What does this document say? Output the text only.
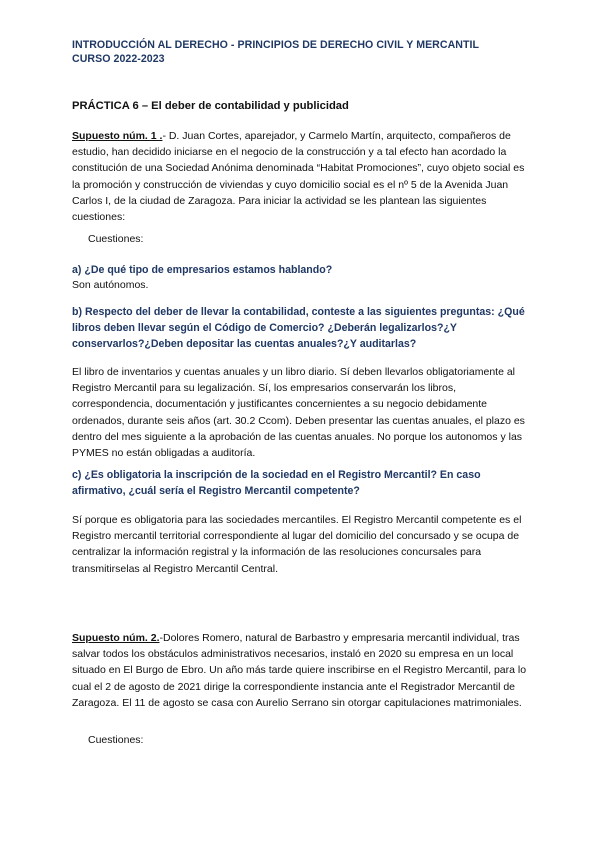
INTRODUCCIÓN AL DERECHO - PRINCIPIOS DE DERECHO CIVIL Y MERCANTIL
CURSO 2022-2023
PRÁCTICA 6 – El deber de contabilidad y publicidad
Supuesto núm. 1 .- D. Juan Cortes, aparejador, y Carmelo Martín, arquitecto, compañeros de estudio, han decidido iniciarse en el negocio de la construcción y a tal efecto han acordado la constitución de una Sociedad Anónima denominada “Habitat Promociones”, cuyo objeto social es la promoción y construcción de viviendas y cuyo domicilio social es el nº 5 de la Avenida Juan Carlos I, de la ciudad de Zaragoza. Para iniciar la actividad se les plantean las siguientes cuestiones:
Cuestiones:
a) ¿De qué tipo de empresarios estamos hablando?
Son autónomos.
b) Respecto del deber de llevar la contabilidad, conteste a las siguientes preguntas: ¿Qué libros deben llevar según el Código de Comercio? ¿Deberán legalizarlos?¿Y conservarlos?¿Deben depositar las cuentas anuales?¿Y auditarlas?
El libro de inventarios y cuentas anuales y un libro diario. Sí deben llevarlos obligatoriamente al Registro Mercantil para su legalización. Sí, los empresarios conservarán los libros, correspondencia, documentación y justificantes concernientes a su negocio debidamente ordenados, durante seis años (art. 30.2 Ccom). Deben presentar las cuentas anuales, el plazo es dentro del mes siguiente a la aprobación de las cuentas anuales. No porque los autonomos y las PYMES no están obligadas a auditoría.
c) ¿Es obligatoria la inscripción de la sociedad en el Registro Mercantil? En caso afirmativo, ¿cuál sería el Registro Mercantil competente?
Sí porque es obligatoria para las sociedades mercantiles. El Registro Mercantil competente es el Registro mercantil territorial correspondiente al lugar del domicilio del concursado y se ocupa de centralizar la información registral y la información de las resoluciones concursales para transmitirselas al Registro Mercantil Central.
Supuesto núm. 2.-Dolores Romero, natural de Barbastro y empresaria mercantil individual, tras salvar todos los obstáculos administrativos necesarios, instaló en 2020 su empresa en un local situado en El Burgo de Ebro. Un año más tarde quiere inscribirse en el Registro Mercantil, para lo cual el 2 de agosto de 2021 dirige la correspondiente instancia ante el Registrador Mercantil de Zaragoza. El 11 de agosto se casa con Aurelio Serrano sin otorgar capitulaciones matrimoniales.
Cuestiones:
